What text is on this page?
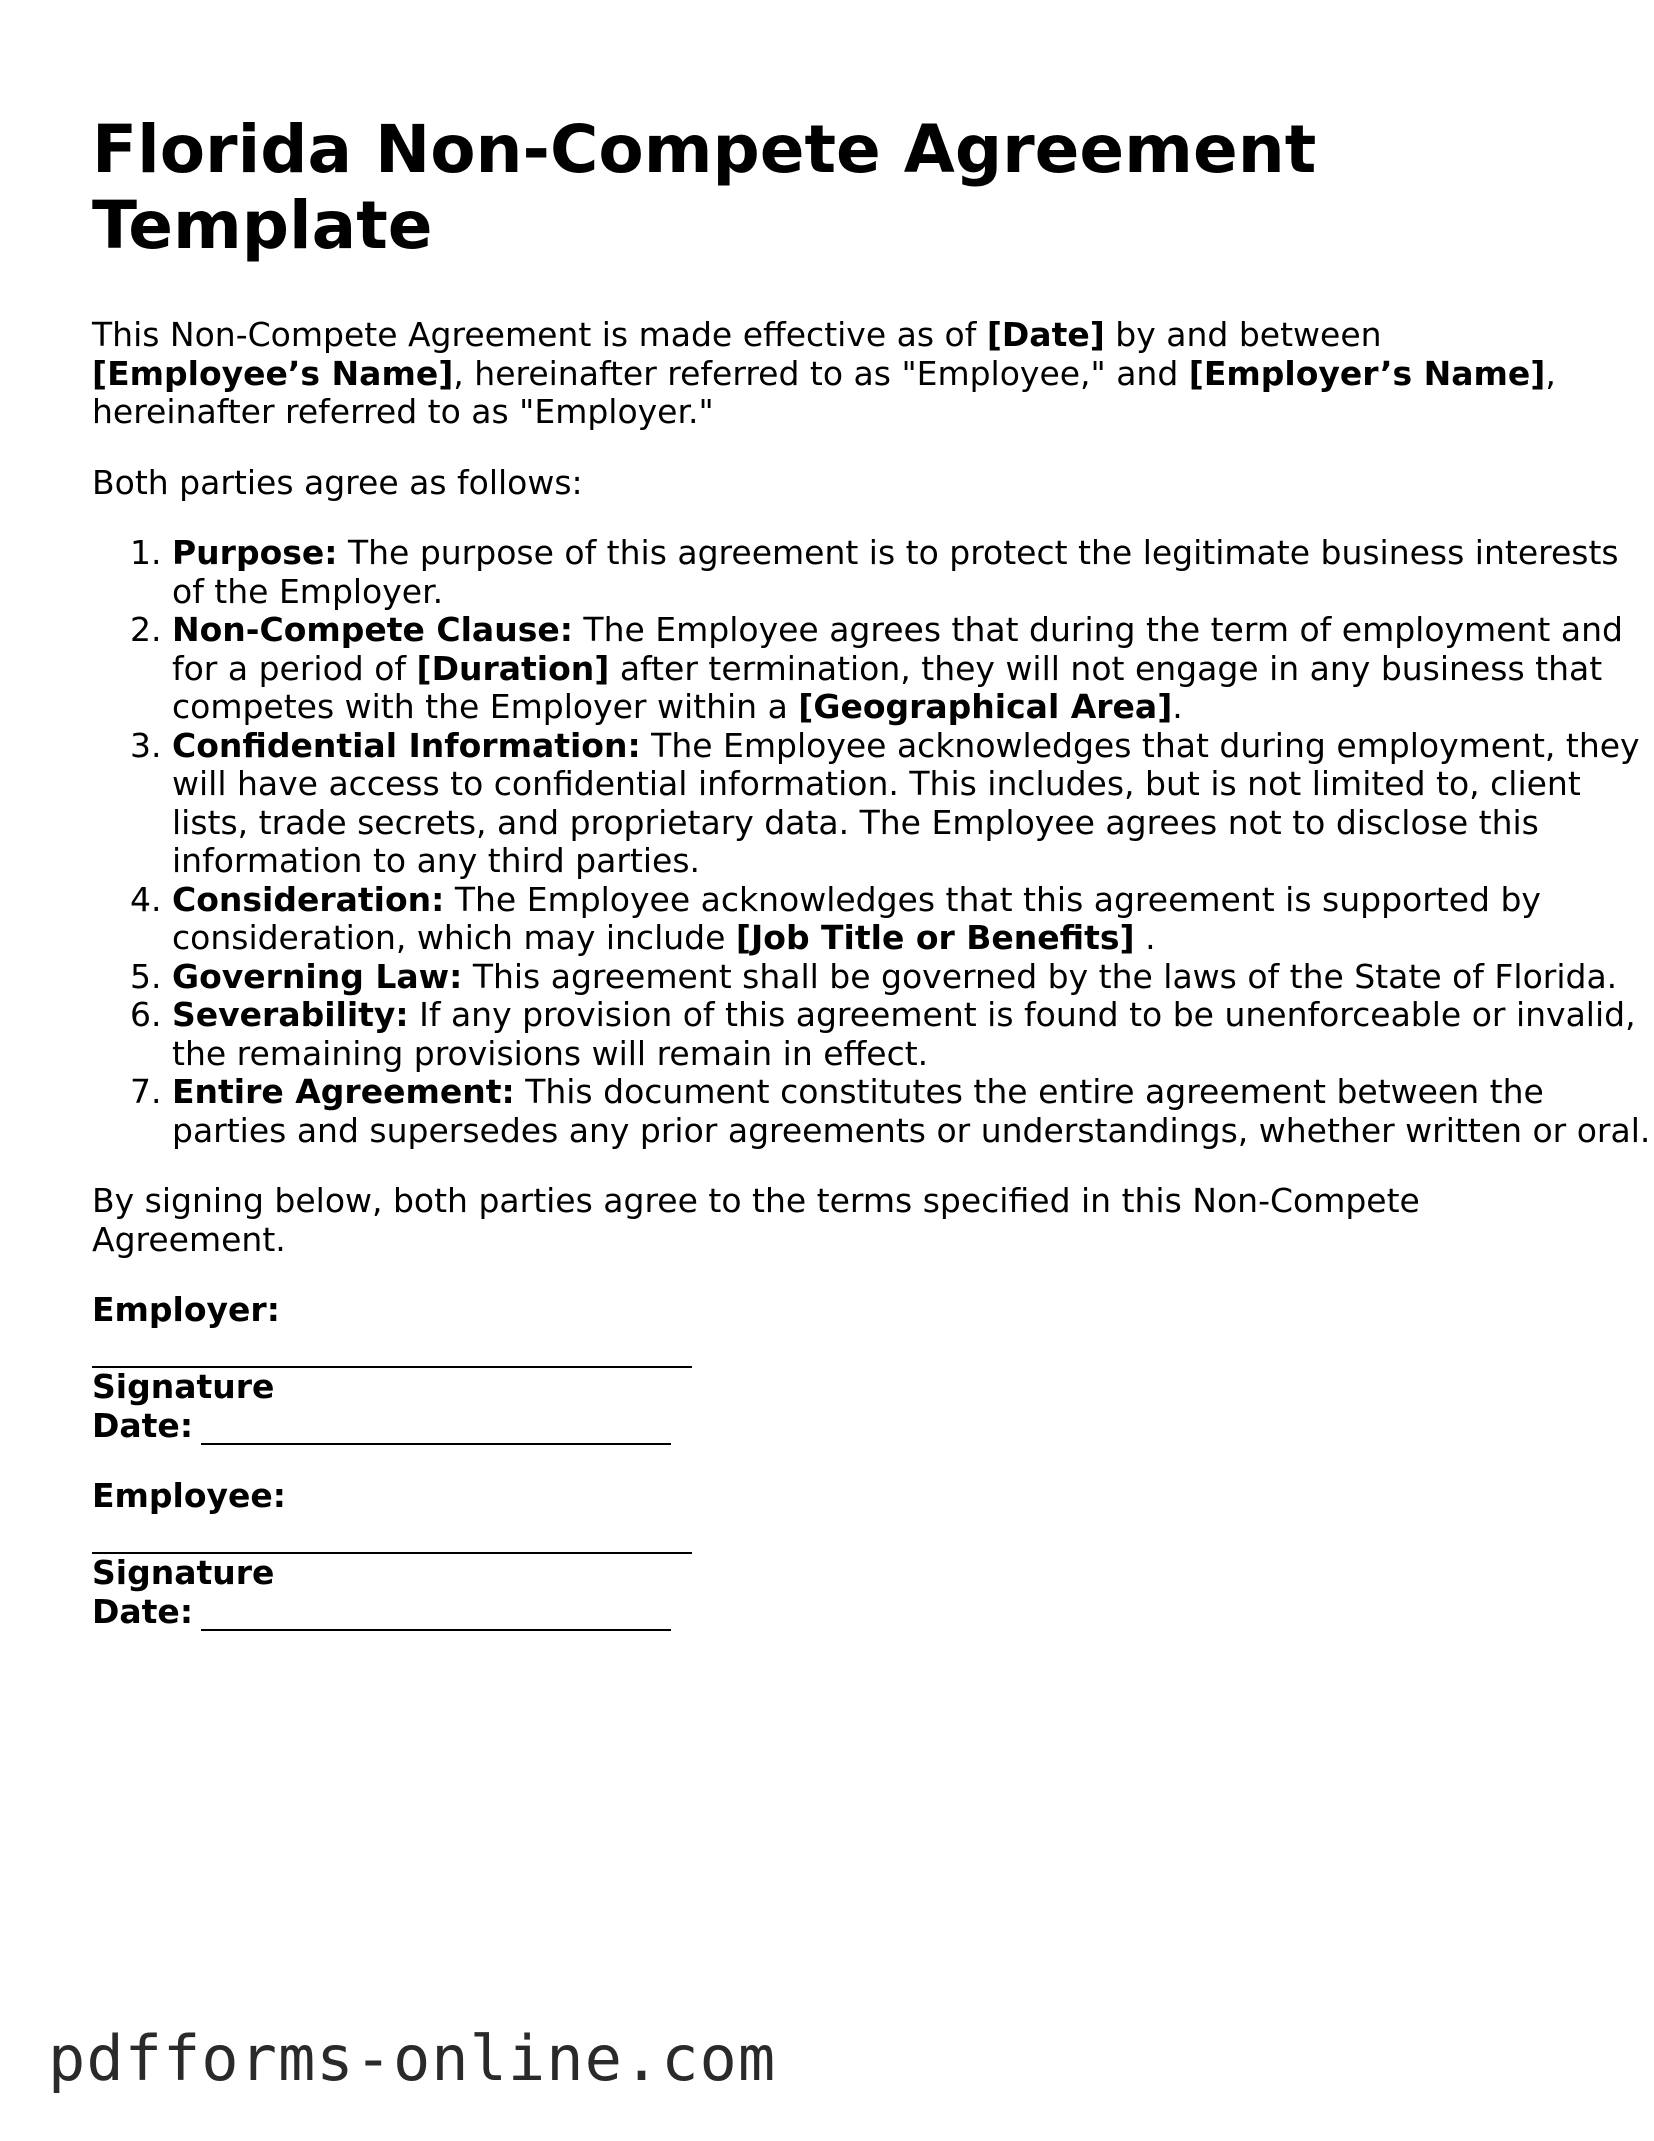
Florida Non-Compete Agreement Template

This Non-Compete Agreement is made effective as of [Date] by and between [Employee’s Name], hereinafter referred to as "Employee," and [Employer’s Name], hereinafter referred to as "Employer."

Both parties agree as follows:

1. Purpose: The purpose of this agreement is to protect the legitimate business interests of the Employer.
2. Non-Compete Clause: The Employee agrees that during the term of employment and for a period of [Duration] after termination, they will not engage in any business that competes with the Employer within a [Geographical Area].
3. Confidential Information: The Employee acknowledges that during employment, they will have access to confidential information. This includes, but is not limited to, client lists, trade secrets, and proprietary data. The Employee agrees not to disclose this information to any third parties.
4. Consideration: The Employee acknowledges that this agreement is supported by consideration, which may include [Job Title or Benefits] .
5. Governing Law: This agreement shall be governed by the laws of the State of Florida.
6. Severability: If any provision of this agreement is found to be unenforceable or invalid, the remaining provisions will remain in effect.
7. Entire Agreement: This document constitutes the entire agreement between the parties and supersedes any prior agreements or understandings, whether written or oral.

By signing below, both parties agree to the terms specified in this Non-Compete Agreement.

Employer:
Signature
Date:
Employee:
Signature
Date:
pdfforms-online.com
